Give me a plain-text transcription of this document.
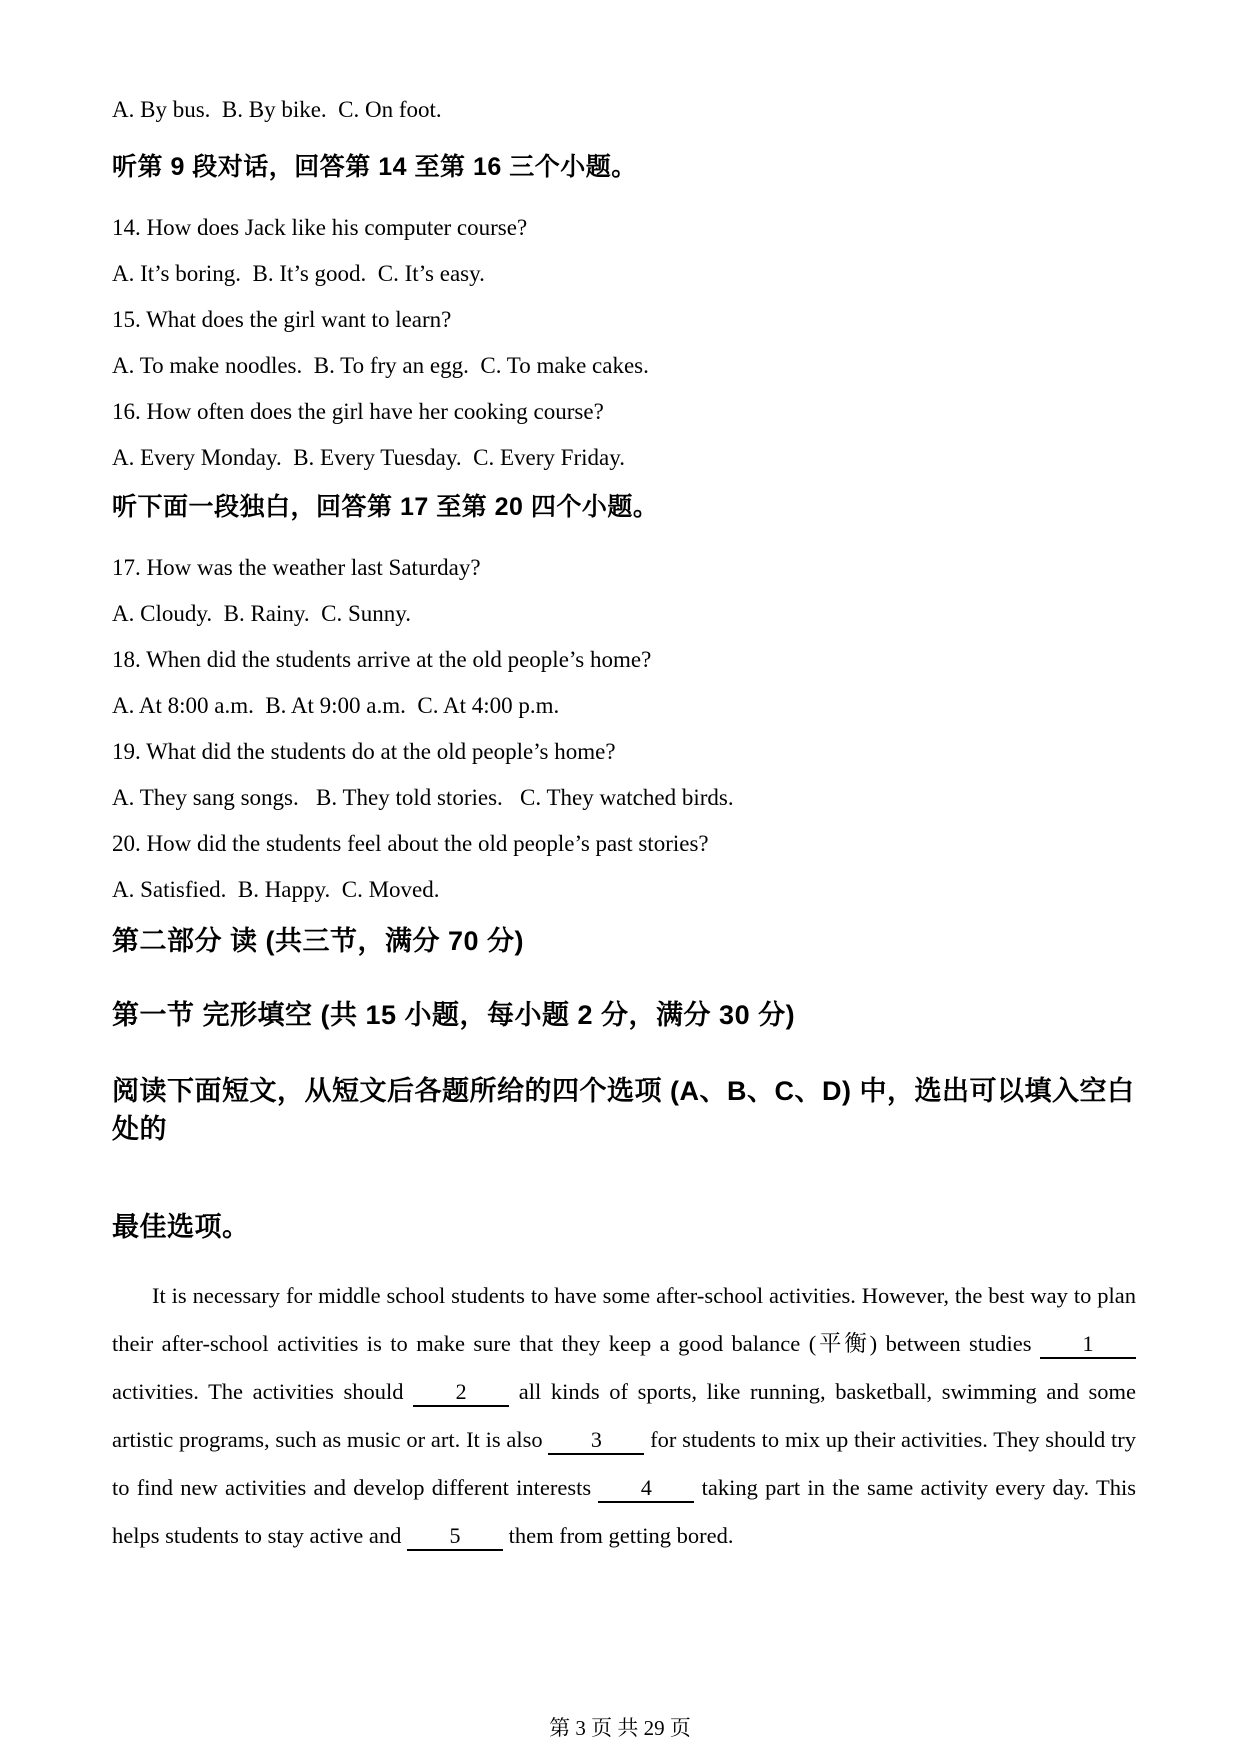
A. By bus.  B. By bike.  C. On foot.

听第 9 段对话，回答第 14 至第 16 三个小题。

14. How does Jack like his computer course?

A. It’s boring.  B. It’s good.  C. It’s easy.

15. What does the girl want to learn?

A. To make noodles.  B. To fry an egg.  C. To make cakes.

16. How often does the girl have her cooking course?

A. Every Monday.  B. Every Tuesday.  C. Every Friday.

听下面一段独白，回答第 17 至第 20 四个小题。

17. How was the weather last Saturday?

A. Cloudy.  B. Rainy.  C. Sunny.

18. When did the students arrive at the old people’s home?

A. At 8:00 a.m.  B. At 9:00 a.m.  C. At 4:00 p.m.

19. What did the students do at the old people’s home?

A. They sang songs.   B. They told stories.   C. They watched birds.

20. How did the students feel about the old people’s past stories?

A. Satisfied.  B. Happy.  C. Moved.

第二部分 读 (共三节，满分 70 分)
第一节 完形填空 (共 15 小题，每小题 2 分，满分 30 分)
阅读下面短文，从短文后各题所给的四个选项 (A、B、C、D) 中，选出可以填入空白处的
最佳选项。

It is necessary for middle school students to have some after-school activities. However, the best way to plan their after-school activities is to make sure that they keep a good balance (平衡) between studies 1 activities. The activities should 2 all kinds of sports, like running, basketball, swimming and some artistic programs, such as music or art. It is also 3 for students to mix up their activities. They should try to find new activities and develop different interests 4 taking part in the same activity every day. This helps students to stay active and 5 them from getting bored.

第 3 页 共 29 页
